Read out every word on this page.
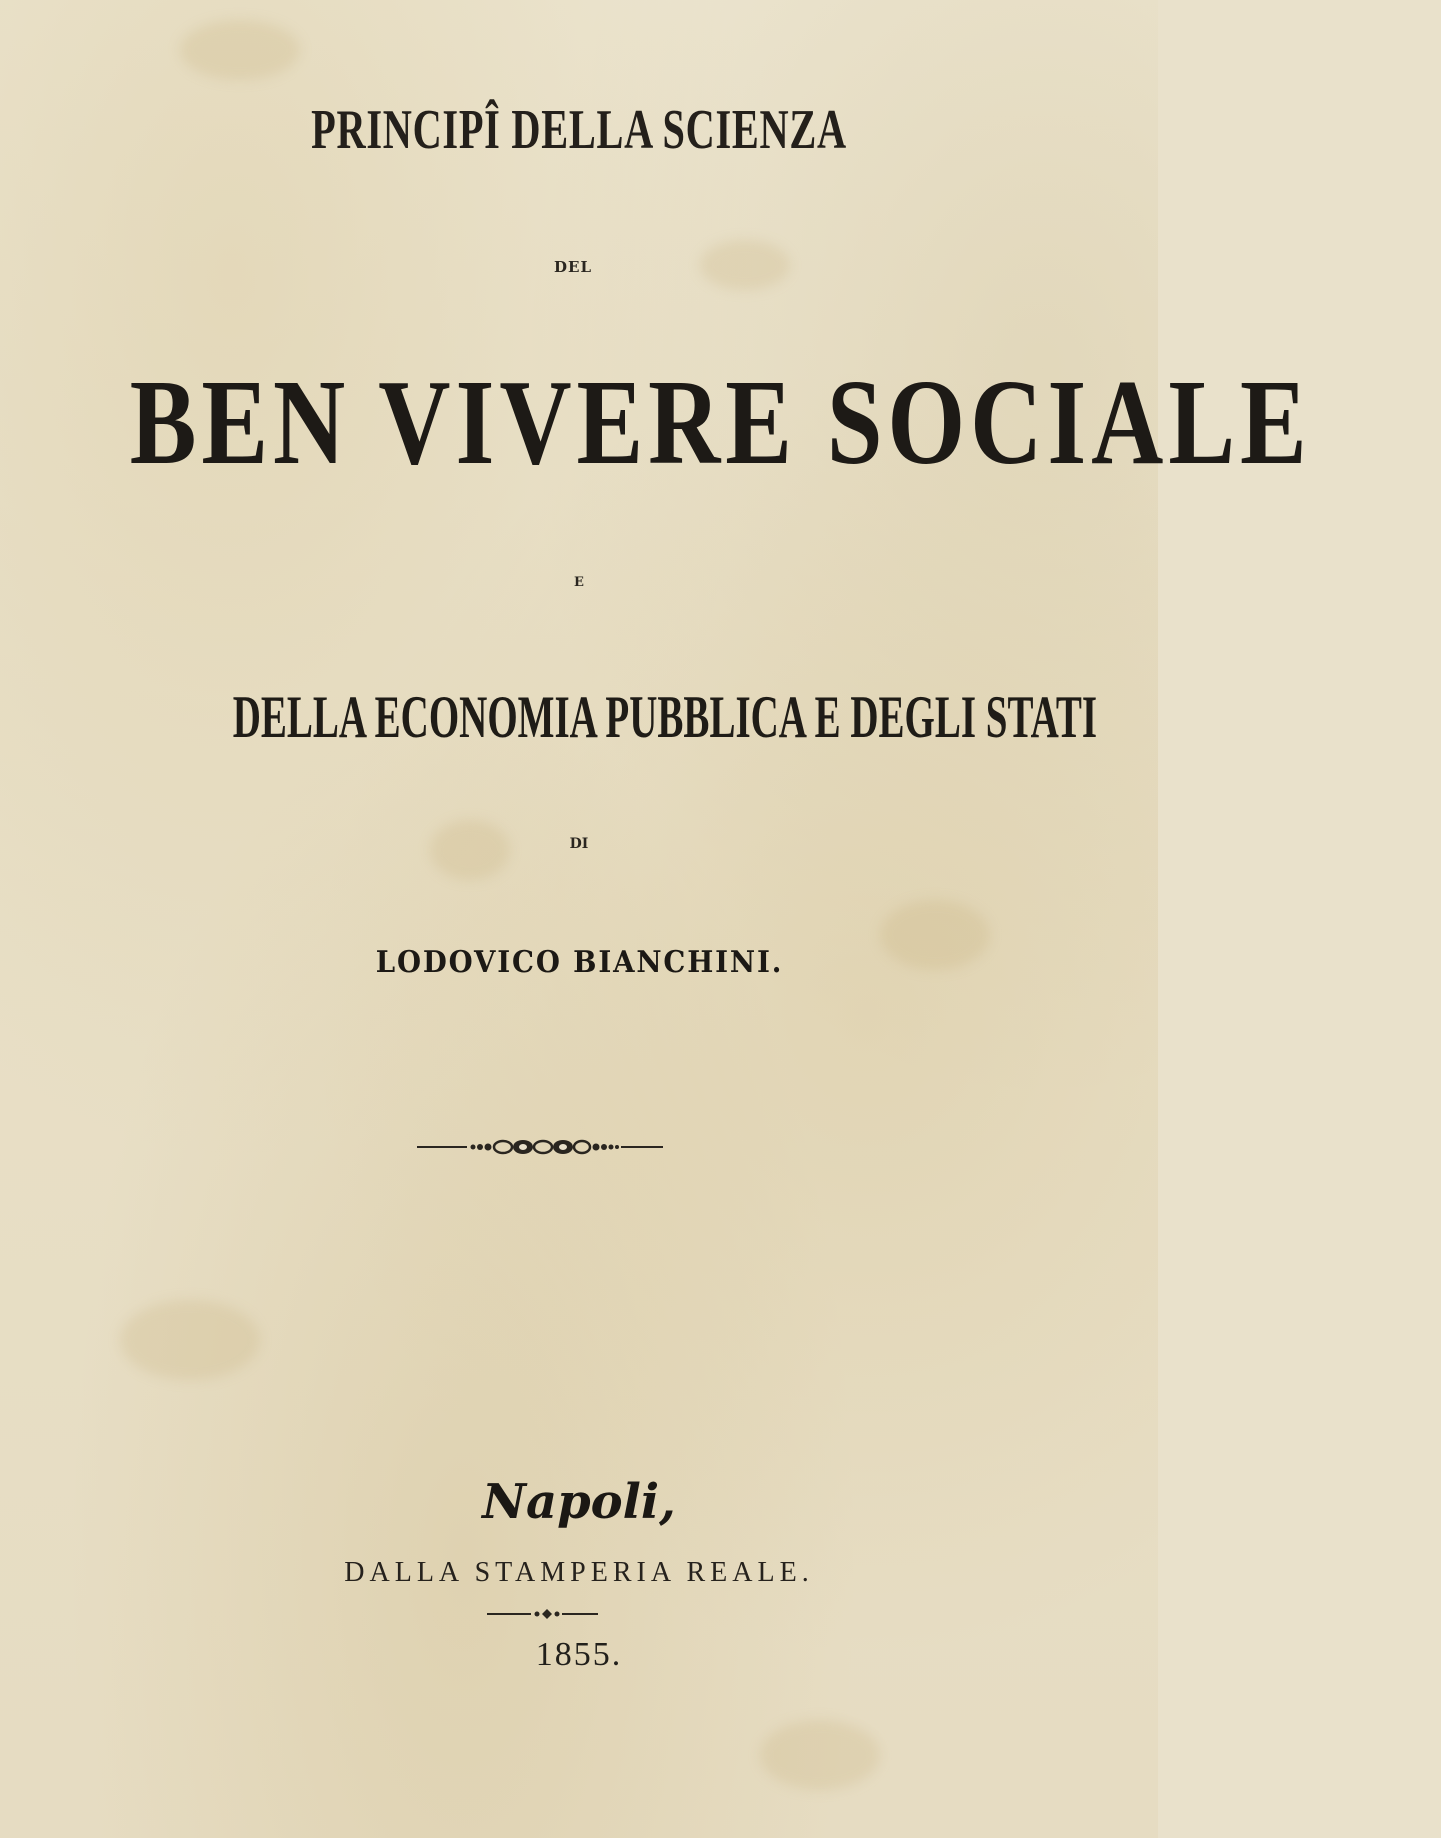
PRINCIPÎ DELLA SCIENZA
DEL
BEN VIVERE SOCIALE
E
DELLA ECONOMIA PUBBLICA E DEGLI STATI
DI
LODOVICO BIANCHINI.
Napoli,
DALLA STAMPERIA REALE.
1855.
